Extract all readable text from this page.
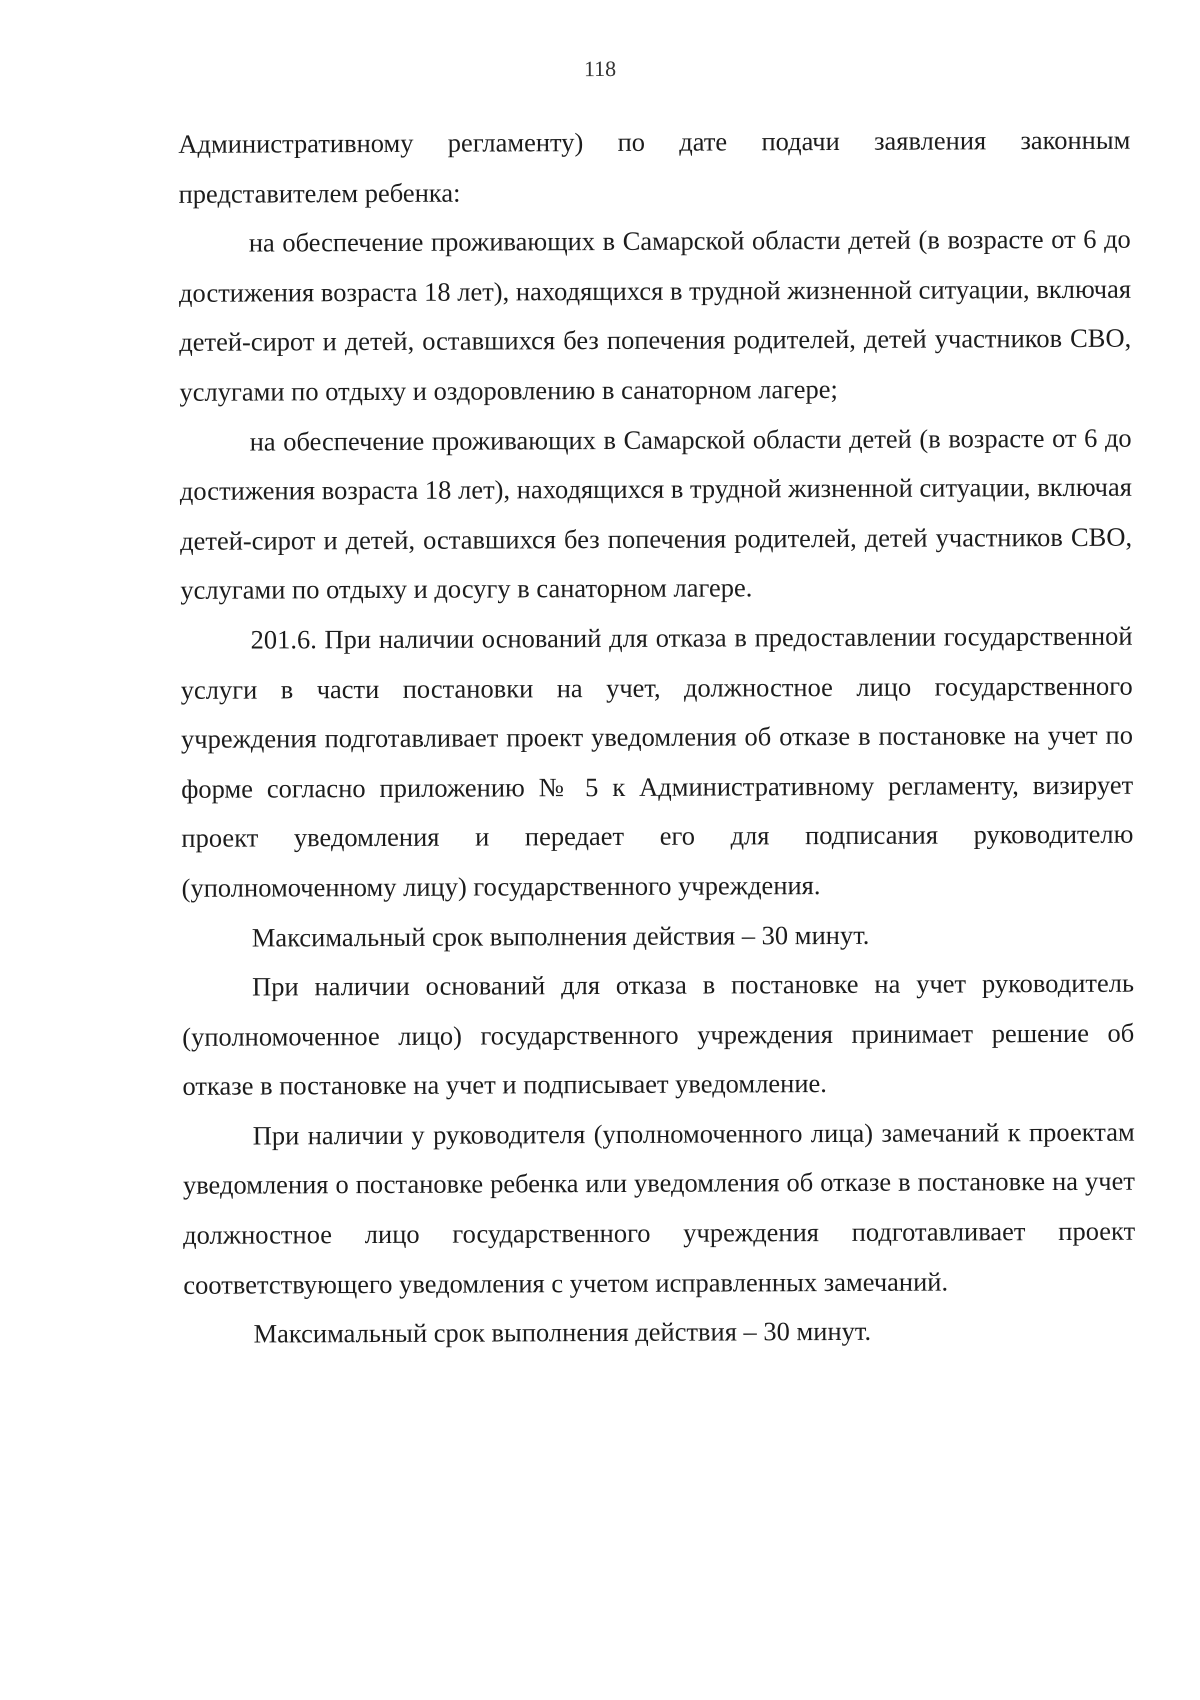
118

Административному регламенту) по дате подачи заявления законным представителем ребенка:

на обеспечение проживающих в Самарской области детей (в возрасте от 6 до достижения возраста 18 лет), находящихся в трудной жизненной ситуации, включая детей-сирот и детей, оставшихся без попечения родителей, детей участников СВО, услугами по отдыху и оздоровлению в санаторном лагере;

на обеспечение проживающих в Самарской области детей (в возрасте от 6 до достижения возраста 18 лет), находящихся в трудной жизненной ситуации, включая детей-сирот и детей, оставшихся без попечения родителей, детей участников СВО, услугами по отдыху и досугу в санаторном лагере.

201.6. При наличии оснований для отказа в предоставлении государственной услуги в части постановки на учет, должностное лицо государственного учреждения подготавливает проект уведомления об отказе в постановке на учет по форме согласно приложению № 5 к Административному регламенту, визирует проект уведомления и передает его для подписания руководителю (уполномоченному лицу) государственного учреждения.

Максимальный срок выполнения действия – 30 минут.

При наличии оснований для отказа в постановке на учет руководитель (уполномоченное лицо) государственного учреждения принимает решение об отказе в постановке на учет и подписывает уведомление.

При наличии у руководителя (уполномоченного лица) замечаний к проектам уведомления о постановке ребенка или уведомления об отказе в постановке на учет должностное лицо государственного учреждения подготавливает проект соответствующего уведомления с учетом исправленных замечаний.

Максимальный срок выполнения действия – 30 минут.
